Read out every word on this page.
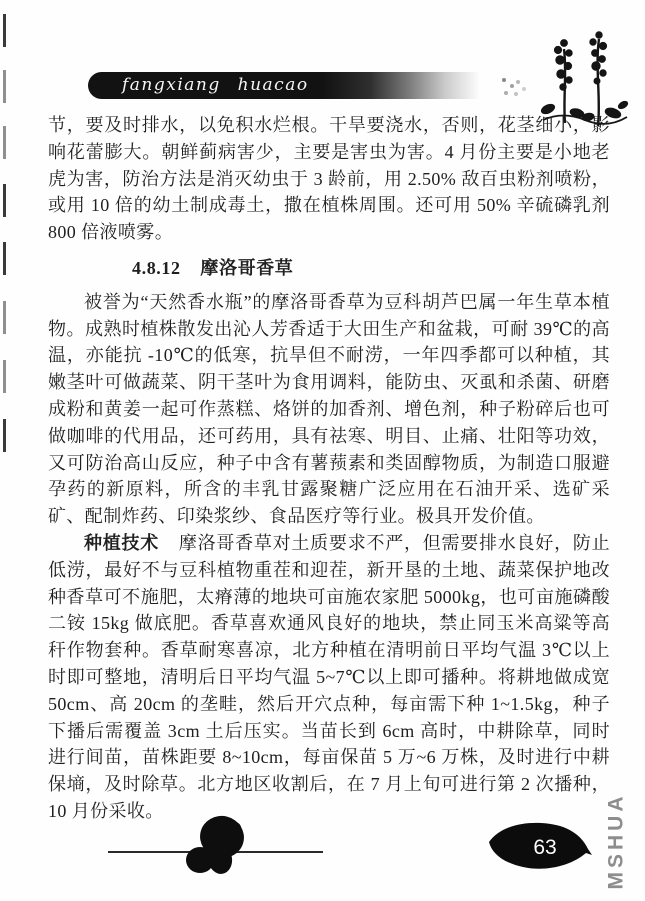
fangxiang huacao

节，要及时排水，以免积水烂根。干旱要浇水，否则，花茎细小，影响花蕾膨大。朝鲜蓟病害少，主要是害虫为害。4 月份主要是小地老虎为害，防治方法是消灭幼虫于 3 龄前，用 2.50% 敌百虫粉剂喷粉，或用 10 倍的幼土制成毒土，撒在植株周围。还可用 50% 辛硫磷乳剂 800 倍液喷雾。

4.8.12 摩洛哥香草

被誉为“天然香水瓶”的摩洛哥香草为豆科胡芦巴属一年生草本植物。成熟时植株散发出沁人芳香适于大田生产和盆栽，可耐 39℃的高温，亦能抗 -10℃的低寒，抗旱但不耐涝，一年四季都可以种植，其嫩茎叶可做蔬菜、阴干茎叶为食用调料，能防虫、灭虱和杀菌、研磨成粉和黄姜一起可作蒸糕、烙饼的加香剂、增色剂，种子粉碎后也可做咖啡的代用品，还可药用，具有祛寒、明目、止痛、壮阳等功效，又可防治高山反应，种子中含有薯蓣素和类固醇物质，为制造口服避孕药的新原料，所含的丰乳甘露聚糖广泛应用在石油开采、选矿采矿、配制炸药、印染浆纱、食品医疗等行业。极具开发价值。

种植技术 摩洛哥香草对土质要求不严，但需要排水良好，防止低涝，最好不与豆科植物重茬和迎茬，新开垦的土地、蔬菜保护地改种香草可不施肥，太瘠薄的地块可亩施农家肥 5000kg，也可亩施磷酸二铵 15kg 做底肥。香草喜欢通风良好的地块，禁止同玉米高粱等高秆作物套种。香草耐寒喜凉，北方种植在清明前日平均气温 3℃以上时即可整地，清明后日平均气温 5~7℃以上即可播种。将耕地做成宽 50cm、高 20cm 的垄畦，然后开穴点种，每亩需下种 1~1.5kg，种子下播后需覆盖 3cm 土后压实。当苗长到 6cm 高时，中耕除草，同时进行间苗，苗株距要 8~10cm，每亩保苗 5 万~6 万株，及时进行中耕保墒，及时除草。北方地区收割后，在 7 月上旬可进行第 2 次播种，10 月份采收。

63 MSHUA
